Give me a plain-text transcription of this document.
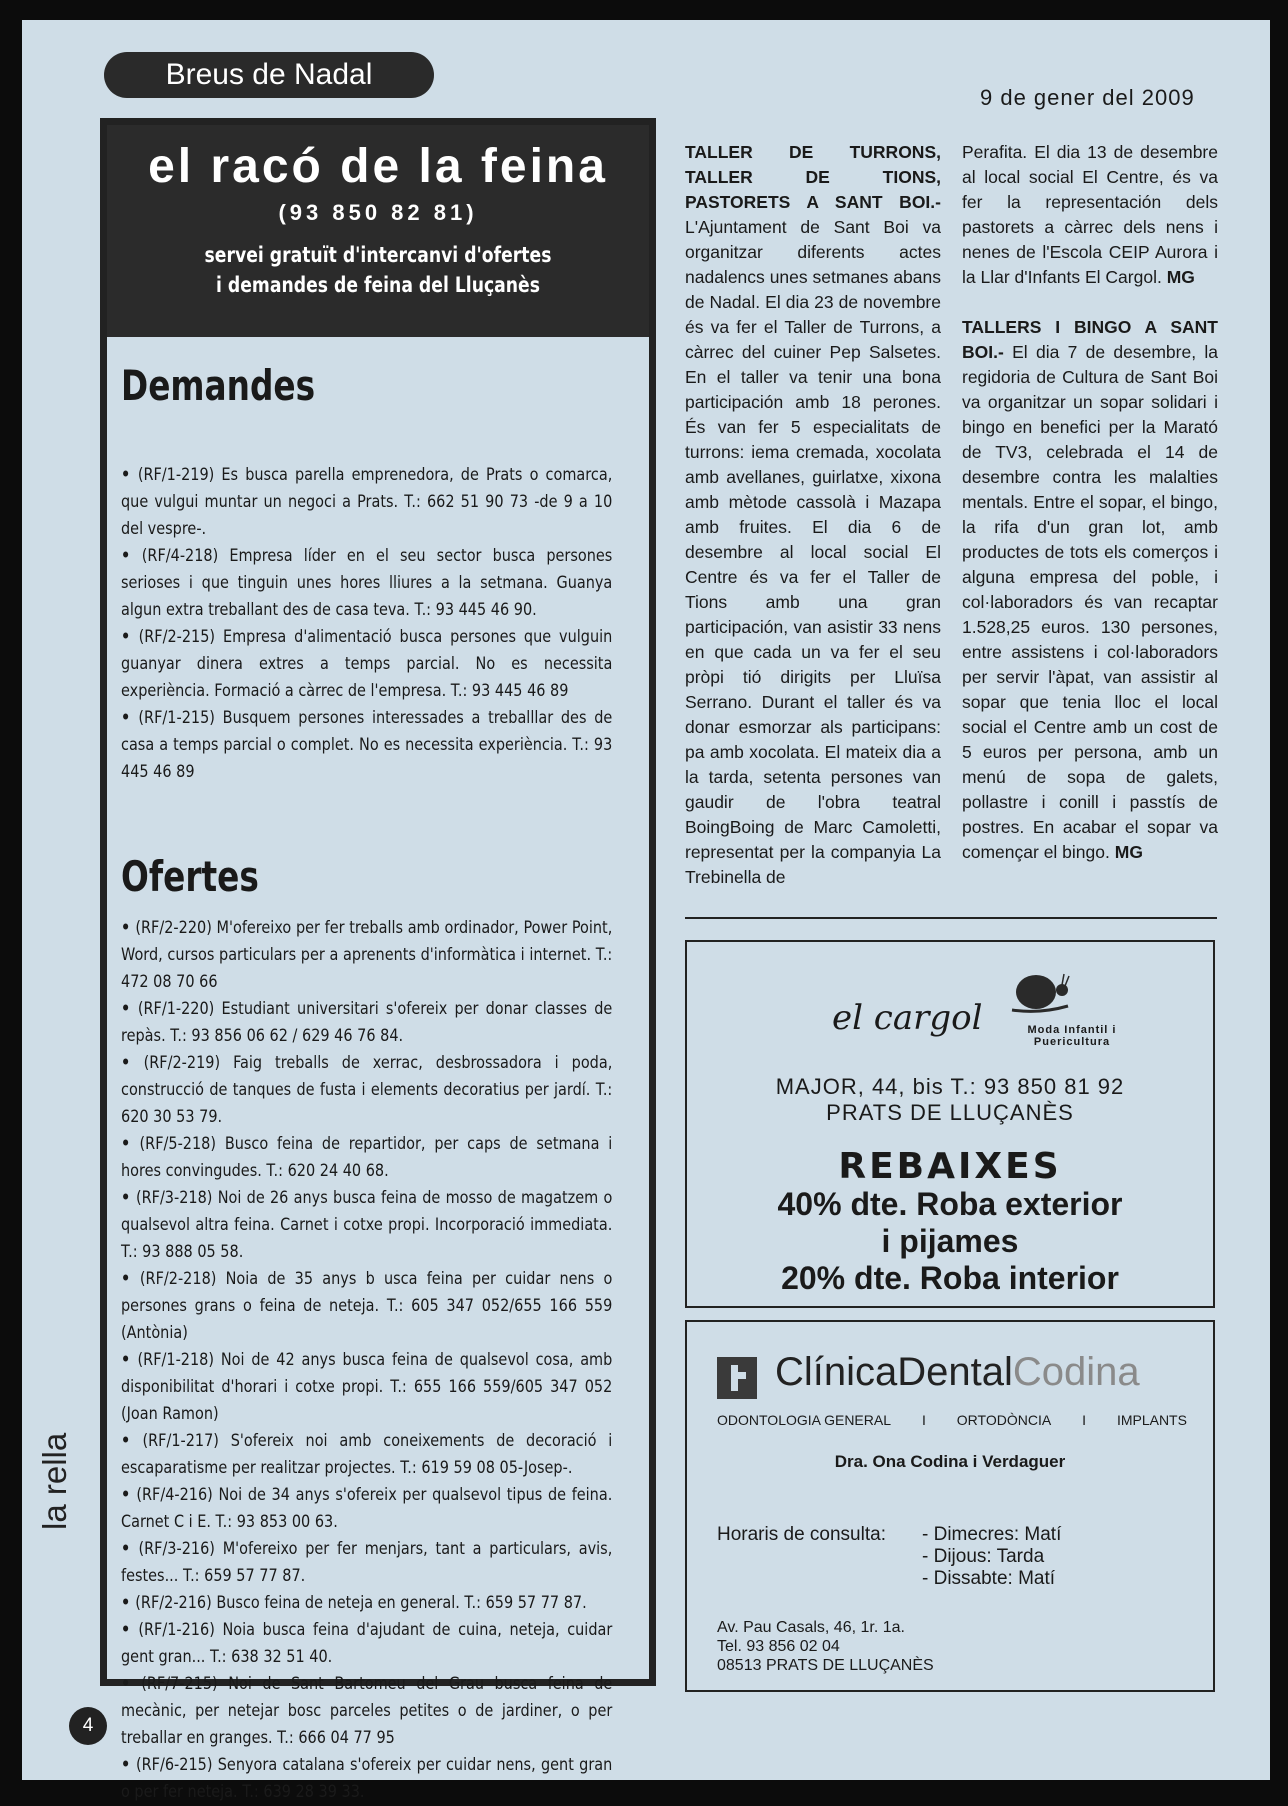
Breus de Nadal
9 de gener del 2009
el racó de la feina
(93 850 82 81)
servei gratuït d'intercanvi d'ofertes
i demandes de feina del Lluçanès
Demandes
• (RF/1-219) Es busca parella emprenedora, de Prats o comarca, que vulgui muntar un negoci a Prats. T.: 662 51 90 73 -de 9 a 10 del vespre-.
• (RF/4-218) Empresa líder en el seu sector busca persones serioses i que tinguin unes hores lliures a la setmana. Guanya algun extra treballant des de casa teva. T.: 93 445 46 90.
• (RF/2-215) Empresa d'alimentació busca persones que vulguin guanyar dinera extres a temps parcial. No es necessita experiència. Formació a càrrec de l'empresa. T.: 93 445 46 89
• (RF/1-215) Busquem persones interessades a treballlar des de casa a temps parcial o complet. No es necessita experiència. T.: 93 445 46 89
Ofertes
• (RF/2-220) M'ofereixo per fer treballs amb ordinador, Power Point, Word, cursos particulars per a aprenents d'informàtica i internet. T.: 472 08 70 66
• (RF/1-220) Estudiant universitari s'ofereix per donar classes de repàs. T.: 93 856 06 62 / 629 46 76 84.
• (RF/2-219) Faig treballs de xerrac, desbrossadora i poda, construcció de tanques de fusta i elements decoratius per jardí. T.: 620 30 53 79.
• (RF/5-218) Busco feina de repartidor, per caps de setmana i hores convingudes. T.: 620 24 40 68.
• (RF/3-218) Noi de 26 anys busca feina de mosso de magatzem o qualsevol altra feina. Carnet i cotxe propi. Incorporació immediata. T.: 93 888 05 58.
• (RF/2-218) Noia de 35 anys b usca feina per cuidar nens o persones grans o feina de neteja. T.: 605 347 052/655 166 559 (Antònia)
• (RF/1-218) Noi de 42 anys busca feina de qualsevol cosa, amb disponibilitat d'horari i cotxe propi. T.: 655 166 559/605 347 052 (Joan Ramon)
• (RF/1-217) S'ofereix noi amb coneixements de decoració i escaparatisme per realitzar projectes. T.: 619 59 08 05-Josep-.
• (RF/4-216) Noi de 34 anys s'ofereix per qualsevol tipus de feina. Carnet C i E. T.: 93 853 00 63.
• (RF/3-216) M'ofereixo per fer menjars, tant a particulars, avis, festes... T.: 659 57 77 87.
• (RF/2-216) Busco feina de neteja en general. T.: 659 57 77 87.
• (RF/1-216) Noia busca feina d'ajudant de cuina, neteja, cuidar gent gran... T.: 638 32 51 40.
• (RF/7-215) Noi de Sant Bartomeu del Grau busca feina de mecànic, per netejar bosc parceles petites o de jardiner, o per treballar en granges. T.: 666 04 77 95
• (RF/6-215) Senyora catalana s'ofereix per cuidar nens, gent gran o per fer neteja. T.: 639 28 39 33.

TALLER DE TURRONS, TALLER DE TIONS, PASTORETS A SANT BOI.- L'Ajuntament de Sant Boi va organitzar diferents actes nadalencs unes setmanes abans de Nadal. El dia 23 de novembre és va fer el Taller de Turrons, a càrrec del cuiner Pep Salsetes. En el taller va tenir una bona participación amb 18 perones. És van fer 5 especialitats de turrons: iema cremada, xocolata amb avellanes, guirlatxe, xixona amb mètode cassolà i Mazapa amb fruites. El dia 6 de desembre al local social El Centre és va fer el Taller de Tions amb una gran participación, van asistir 33 nens en que cada un va fer el seu pròpi tió dirigits per Lluïsa Serrano. Durant el taller és va donar esmorzar als participans: pa amb xocolata. El mateix dia a la tarda, setenta persones van gaudir de l'obra teatral BoingBoing de Marc Camoletti, representat per la companyia La Trebinella de

Perafita. El dia 13 de desembre al local social El Centre, és va fer la representación dels pastorets a càrrec dels nens i nenes de l'Escola CEIP Aurora i la Llar d'Infants El Cargol. MG

TALLERS I BINGO A SANT BOI.- El dia 7 de desembre, la regidoria de Cultura de Sant Boi va organitzar un sopar solidari i bingo en benefici per la Marató de TV3, celebrada el 14 de desembre contra les malalties mentals. Entre el sopar, el bingo, la rifa d'un gran lot, amb productes de tots els comerços i alguna empresa del poble, i col·laboradors és van recaptar 1.528,25 euros. 130 persones, entre assistens i col·laboradors per servir l'àpat, van assistir al sopar que tenia lloc el local social el Centre amb un cost de 5 euros per persona, amb un menú de sopa de galets, pollastre i conill i passtís de postres. En acabar el sopar va començar el bingo. MG

el cargol	Moda Infantil i
Puericultura
MAJOR, 44, bis T.: 93 850 81 92
PRATS DE LLUÇANÈS
REBAIXES
40% dte. Roba exterior
i pijames
20% dte. Roba interior
ClínicaDentalCodina
ODONTOLOGIA GENERAL I ORTODÒNCIA I IMPLANTS
Dra. Ona Codina i Verdaguer
Horaris de consulta: - Dimecres: Matí
- Dijous: Tarda
- Dissabte: Matí
Av. Pau Casals, 46, 1r. 1a.
Tel. 93 856 02 04
08513 PRATS DE LLUÇANÈS
la rella
4
